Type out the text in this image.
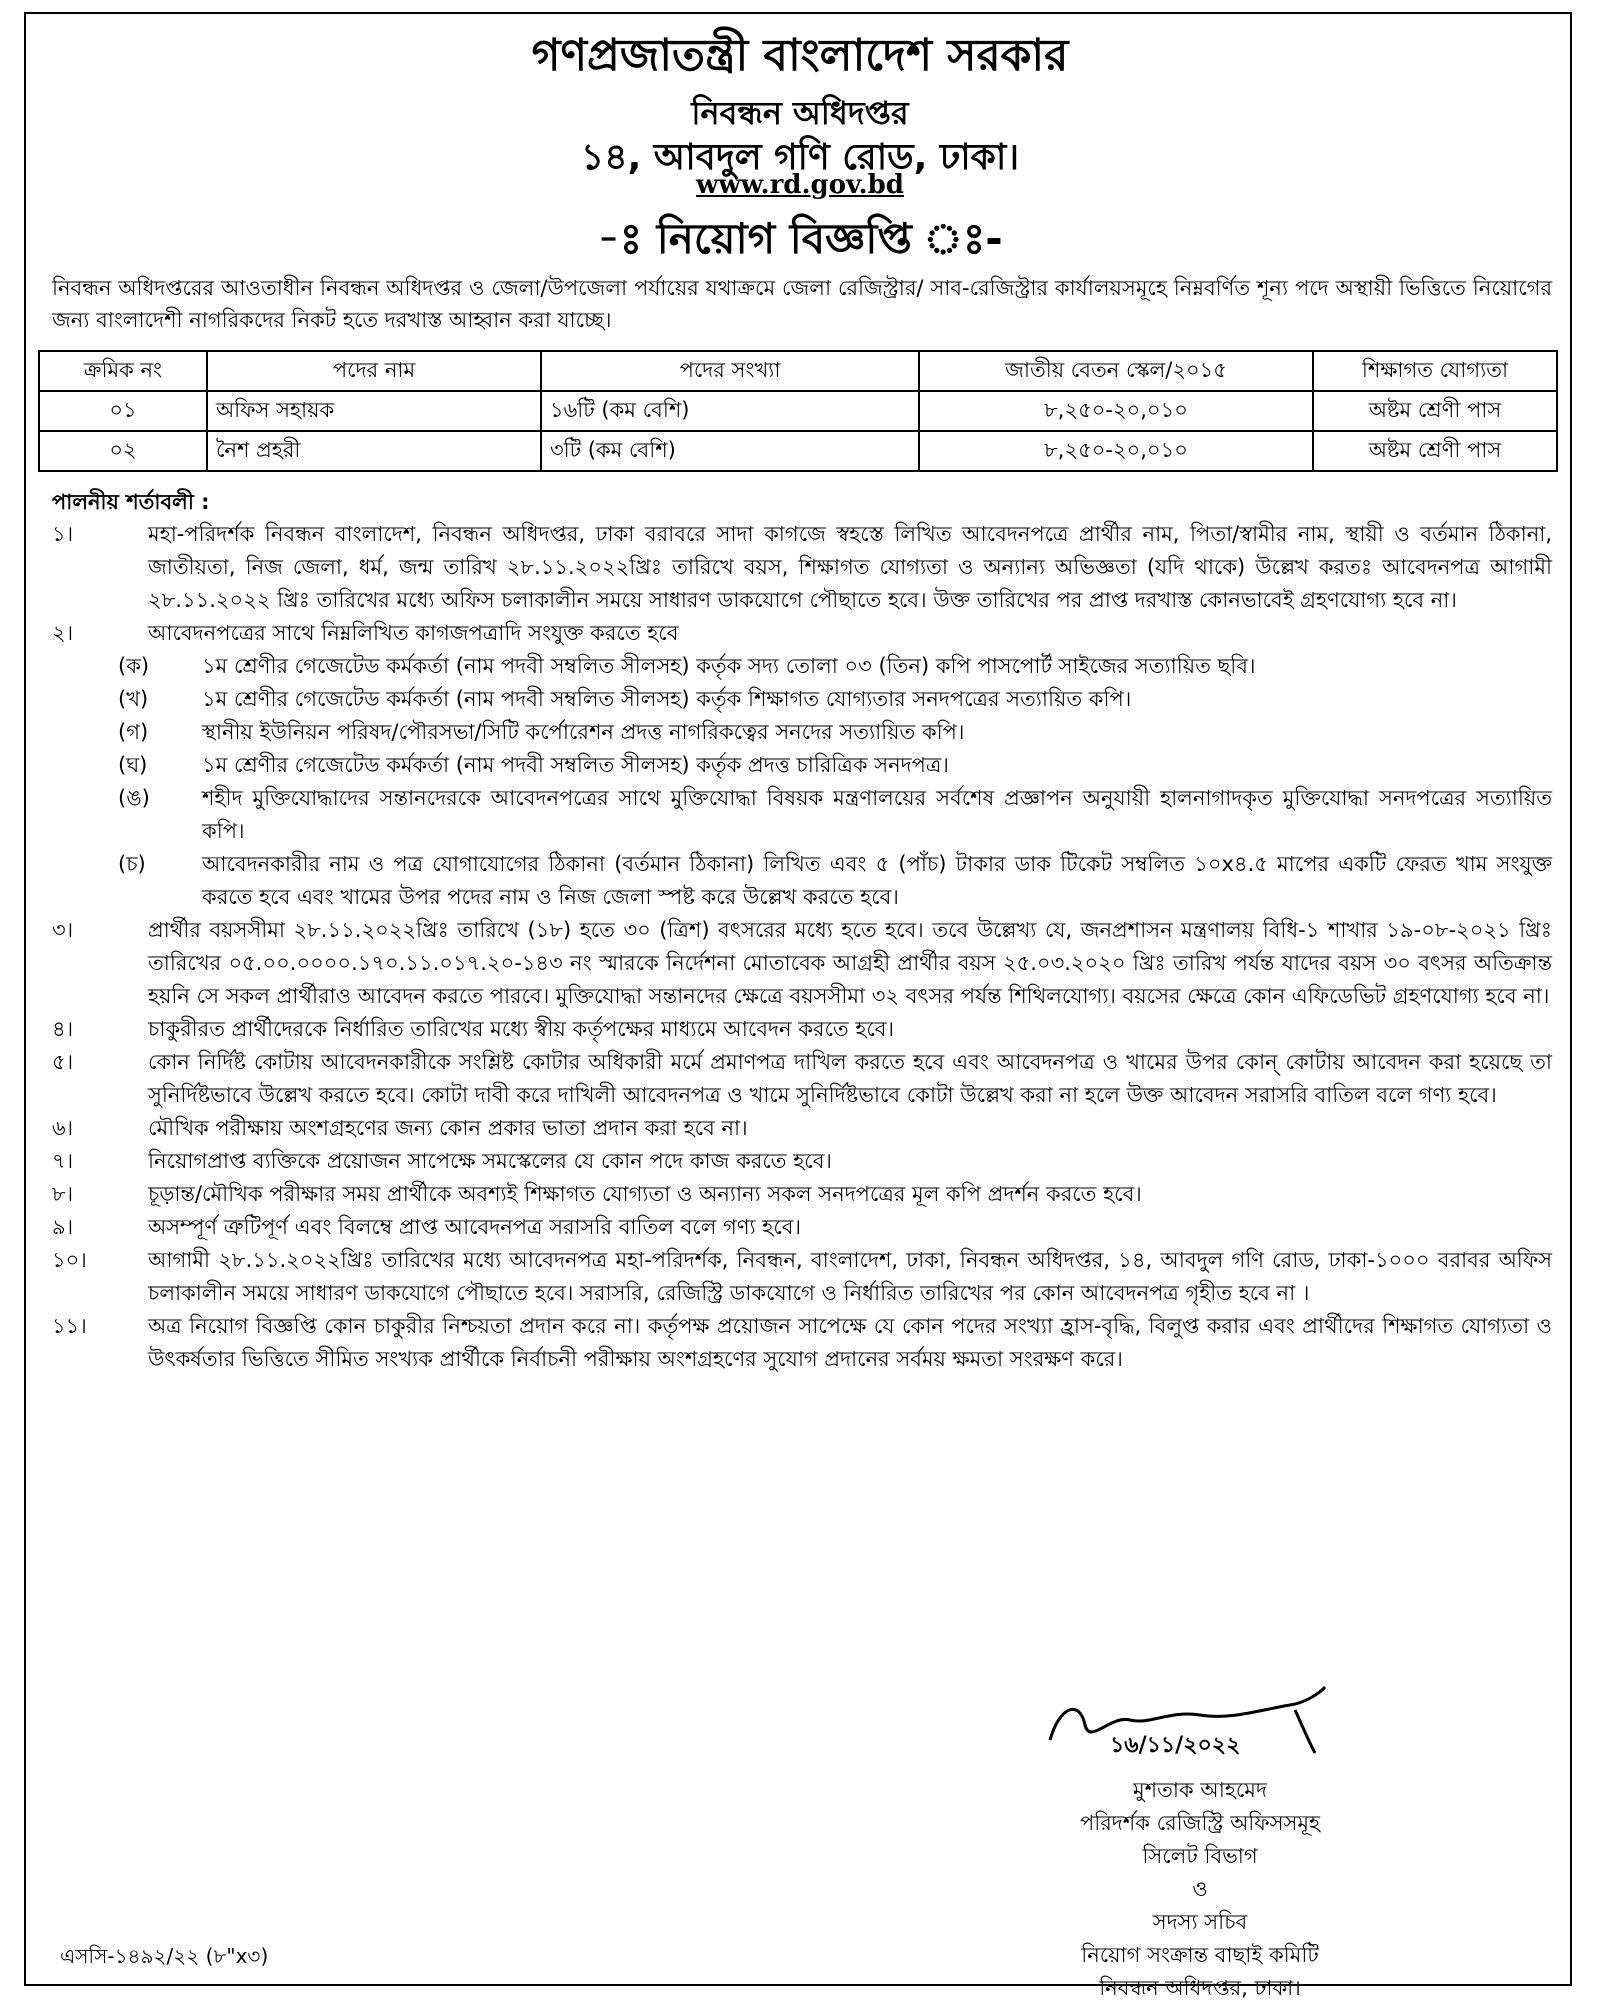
গণপ্রজাতন্ত্রী বাংলাদেশ সরকার
নিবন্ধন অধিদপ্তর
১৪, আবদুল গণি রোড, ঢাকা।
www.rd.gov.bd
-ঃ নিয়োগ বিজ্ঞপ্তি ঃ-
নিবন্ধন অধিদপ্তরের আওতাধীন নিবন্ধন অধিদপ্তর ও জেলা/উপজেলা পর্যায়ের যথাক্রমে জেলা রেজিস্ট্রার/ সাব-রেজিস্ট্রার কার্যালয়সমূহে নিম্নবর্ণিত শূন্য পদে অস্থায়ী ভিত্তিতে নিয়োগের জন্য বাংলাদেশী নাগরিকদের নিকট হতে দরখাস্ত আহ্বান করা যাচ্ছে।
ক্রমিক নং	পদের নাম	পদের সংখ্যা	জাতীয় বেতন স্কেল/২০১৫	শিক্ষাগত যোগ্যতা
০১	অফিস সহায়ক	১৬টি (কম বেশি)	৮,২৫০-২০,০১০	অষ্টম শ্রেণী পাস
০২	নৈশ প্রহরী	৩টি (কম বেশি)	৮,২৫০-২০,০১০	অষ্টম শ্রেণী পাস
পালনীয় শর্তাবলী :
১।	মহা-পরিদর্শক নিবন্ধন বাংলাদেশ, নিবন্ধন অধিদপ্তর, ঢাকা বরাবরে সাদা কাগজে স্বহস্তে লিখিত আবেদনপত্রে প্রার্থীর নাম, পিতা/স্বামীর নাম, স্থায়ী ও বর্তমান ঠিকানা, জাতীয়তা, নিজ জেলা, ধর্ম, জন্ম তারিখ ২৮.১১.২০২২খ্রিঃ তারিখে বয়স, শিক্ষাগত যোগ্যতা ও অন্যান্য অভিজ্ঞতা (যদি থাকে) উল্লেখ করতঃ আবেদনপত্র আগামী ২৮.১১.২০২২ খ্রিঃ তারিখের মধ্যে অফিস চলাকালীন সময়ে সাধারণ ডাকযোগে পৌছাতে হবে। উক্ত তারিখের পর প্রাপ্ত দরখাস্ত কোনভাবেই গ্রহণযোগ্য হবে না।
২।	আবেদনপত্রের সাথে নিম্নলিখিত কাগজপত্রাদি সংযুক্ত করতে হবে
(ক)	১ম শ্রেণীর গেজেটেড কর্মকর্তা (নাম পদবী সম্বলিত সীলসহ) কর্তৃক সদ্য তোলা ০৩ (তিন) কপি পাসপোর্ট সাইজের সত্যায়িত ছবি।
(খ)	১ম শ্রেণীর গেজেটেড কর্মকর্তা (নাম পদবী সম্বলিত সীলসহ) কর্তৃক শিক্ষাগত যোগ্যতার সনদপত্রের সত্যায়িত কপি।
(গ)	স্থানীয় ইউনিয়ন পরিষদ/পৌরসভা/সিটি কর্পোরেশন প্রদত্ত নাগরিকত্বের সনদের সত্যায়িত কপি।
(ঘ)	১ম শ্রেণীর গেজেটেড কর্মকর্তা (নাম পদবী সম্বলিত সীলসহ) কর্তৃক প্রদত্ত চারিত্রিক সনদপত্র।
(ঙ)	শহীদ মুক্তিযোদ্ধাদের সন্তানদেরকে আবেদনপত্রের সাথে মুক্তিযোদ্ধা বিষয়ক মন্ত্রণালয়ের সর্বশেষ প্রজ্ঞাপন অনুযায়ী হালনাগাদকৃত মুক্তিযোদ্ধা সনদপত্রের সত্যায়িত কপি।
(চ)	আবেদনকারীর নাম ও পত্র যোগাযোগের ঠিকানা (বর্তমান ঠিকানা) লিখিত এবং ৫ (পাঁচ) টাকার ডাক টিকেট সম্বলিত ১০x৪.৫ মাপের একটি ফেরত খাম সংযুক্ত করতে হবে এবং খামের উপর পদের নাম ও নিজ জেলা স্পষ্ট করে উল্লেখ করতে হবে।
৩।	প্রার্থীর বয়সসীমা ২৮.১১.২০২২খ্রিঃ তারিখে (১৮) হতে ৩০ (ত্রিশ) বৎসরের মধ্যে হতে হবে। তবে উল্লেখ্য যে, জনপ্রশাসন মন্ত্রণালয় বিধি-১ শাখার ১৯-০৮-২০২১ খ্রিঃ তারিখের ০৫.০০.০০০০.১৭০.১১.০১৭.২০-১৪৩ নং স্মারকে নির্দেশনা মোতাবেক আগ্রহী প্রার্থীর বয়স ২৫.০৩.২০২০ খ্রিঃ তারিখ পর্যন্ত যাদের বয়স ৩০ বৎসর অতিক্রান্ত হয়নি সে সকল প্রার্থীরাও আবেদন করতে পারবে। মুক্তিযোদ্ধা সন্তানদের ক্ষেত্রে বয়সসীমা ৩২ বৎসর পর্যন্ত শিথিলযোগ্য। বয়সের ক্ষেত্রে কোন এফিডেভিট গ্রহণযোগ্য হবে না।
৪।	চাকুরীরত প্রার্থীদেরকে নির্ধারিত তারিখের মধ্যে স্বীয় কর্তৃপক্ষের মাধ্যমে আবেদন করতে হবে।
৫।	কোন নির্দিষ্ট কোটায় আবেদনকারীকে সংশ্লিষ্ট কোটার অধিকারী মর্মে প্রমাণপত্র দাখিল করতে হবে এবং আবেদনপত্র ও খামের উপর কোন্ কোটায় আবেদন করা হয়েছে তা সুনির্দিষ্টভাবে উল্লেখ করতে হবে। কোটা দাবী করে দাখিলী আবেদনপত্র ও খামে সুনির্দিষ্টভাবে কোটা উল্লেখ করা না হলে উক্ত আবেদন সরাসরি বাতিল বলে গণ্য হবে।
৬।	মৌখিক পরীক্ষায় অংশগ্রহণের জন্য কোন প্রকার ভাতা প্রদান করা হবে না।
৭।	নিয়োগপ্রাপ্ত ব্যক্তিকে প্রয়োজন সাপেক্ষে সমস্কেলের যে কোন পদে কাজ করতে হবে।
৮।	চূড়ান্ত/মৌখিক পরীক্ষার সময় প্রার্থীকে অবশ্যই শিক্ষাগত যোগ্যতা ও অন্যান্য সকল সনদপত্রের মূল কপি প্রদর্শন করতে হবে।
৯।	অসম্পূর্ণ ত্রুটিপূর্ণ এবং বিলম্বে প্রাপ্ত আবেদনপত্র সরাসরি বাতিল বলে গণ্য হবে।
১০।	আগামী ২৮.১১.২০২২খ্রিঃ তারিখের মধ্যে আবেদনপত্র মহা-পরিদর্শক, নিবন্ধন, বাংলাদেশ, ঢাকা, নিবন্ধন অধিদপ্তর, ১৪, আবদুল গণি রোড, ঢাকা-১০০০ বরাবর অফিস চলাকালীন সময়ে সাধারণ ডাকযোগে পৌছাতে হবে। সরাসরি, রেজিস্ট্রি ডাকযোগে ও নির্ধারিত তারিখের পর কোন আবেদনপত্র গৃহীত হবে না ।
১১।	অত্র নিয়োগ বিজ্ঞপ্তি কোন চাকুরীর নিশ্চয়তা প্রদান করে না। কর্তৃপক্ষ প্রয়োজন সাপেক্ষে যে কোন পদের সংখ্যা হ্রাস-বৃদ্ধি, বিলুপ্ত করার এবং প্রার্থীদের শিক্ষাগত যোগ্যতা ও উৎকর্ষতার ভিত্তিতে সীমিত সংখ্যক প্রার্থীকে নির্বাচনী পরীক্ষায় অংশগ্রহণের সুযোগ প্রদানের সর্বময় ক্ষমতা সংরক্ষণ করে।
১৬/১১/২০২২
মুশতাক আহমেদ
পরিদর্শক রেজিস্ট্রি অফিসসমূহ
সিলেট বিভাগ
ও
সদস্য সচিব
নিয়োগ সংক্রান্ত বাছাই কমিটি
নিবন্ধন অধিদপ্তর, ঢাকা।
এসসি-১৪৯২/২২ (৮"x৩)
